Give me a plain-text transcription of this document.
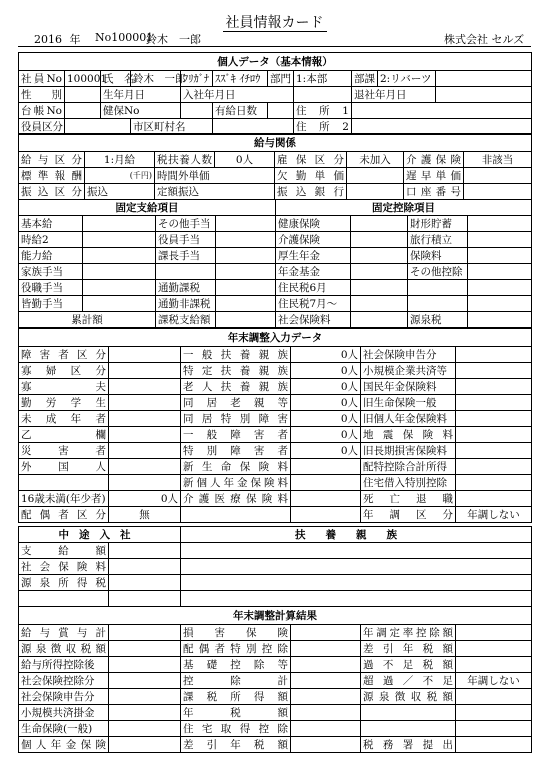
社員情報カード
2016 年 No100001
鈴木　一郎	株式会社 セルズ
個人データ（基本情報）										
社員No	100001	氏　名	鈴木　一郎	ﾌﾘｶﾞﾅ	ｽｽﾞｷ ｲﾁﾛｳ	部門	1:本部	部課	2:リバーツ	
性別		生年月日		入社年月日				退社年月日		
台帳No		健保No			有給日数		住所1			
役員区分			市区町村名				住所2			
給与関係							
給与区分	1:月給	税扶養人数	0人	雇保区分	未加入	介護保険	非該当
標準報酬	(千円)	時間外単価		欠勤単価		遅早単価	
振込区分	振込	定額振込		振込銀行		口座番号	
固定支給項目				固定控除項目			
基本給		その他手当		健康保険		財形貯蓄	
時給2		役員手当		介護保険		旅行積立	
能力給		課長手当		厚生年金		保険料	
家族手当				年金基金		その他控除	
役職手当		通勤課税		住民税6月			
皆勤手当		通勤非課税		住民税7月～			
累計額		課税支給額		社会保険料		源泉税	
年末調整入力データ					
障害者区分		一般扶養親族	0人	社会保険申告分	
寡婦区分		特定扶養親族	0人	小規模企業共済等	
寡夫		老人扶養親族	0人	国民年金保険料	
勤労学生		同居老親等	0人	旧生命保険一般	
未成年者		同居特別障害	0人	旧個人年金保険料	
乙欄		一般障害者	0人	地震保険料	
災害者		特別障害者	0人	旧長期損害保険料	
外国人		新生命保険料		配特控除合計所得	
		新個人年金保険料		住宅借入特別控除	
16歳未満(年少者)	0人	介護医療保険料		死亡退職	
配偶者区分	無			年調区分	年調しない
中途入社		扶養親族
支給額		
社会保険料		
源泉所得税		

年末調整計算結果					
給与賞与計		損害保険		年調定率控除額	
源泉徴収税額		配偶者特別控除		差引年税額	
給与所得控除後		基礎控除等		過不足税額	
社会保険控除分		控除計		超過／不足	年調しない
社会保険申告分		課税所得額		源泉徴収税額	
小規模共済掛金		年税額			
生命保険(一般)		住宅取得控除			
個人年金保険		差引年税額		税務署提出	
